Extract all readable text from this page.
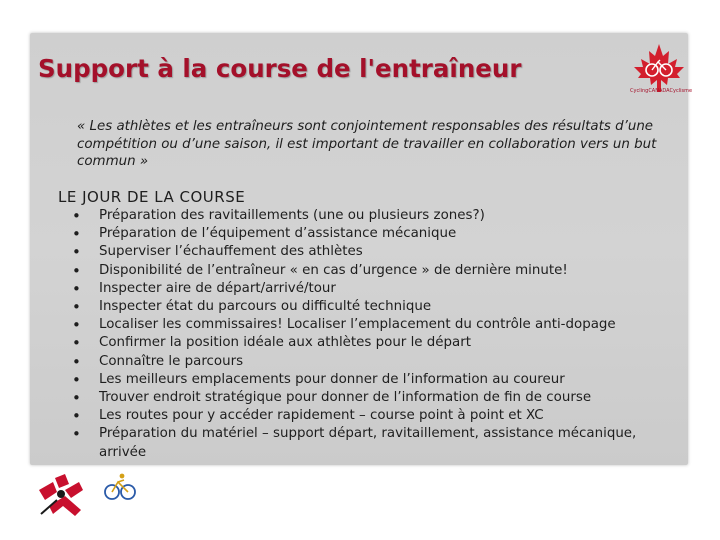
Support à la course de l'entraîneur
CyclingCANADACyclisme

« Les athlètes et les entraîneurs sont conjointement responsables des résultats d’une compétition ou d’une saison, il est important de travailler en collaboration vers un but commun »

LE JOUR DE LA COURSE
• Préparation des ravitaillements (une ou plusieurs zones?)
• Préparation de l’équipement d’assistance mécanique
• Superviser l’échauffement des athlètes
• Disponibilité de l’entraîneur « en cas d’urgence » de dernière minute!
• Inspecter aire de départ/arrivé/tour
• Inspecter état du parcours ou difficulté technique
• Localiser les commissaires! Localiser l’emplacement du contrôle anti-dopage
• Confirmer la position idéale aux athlètes pour le départ
• Connaître le parcours
• Les meilleurs emplacements pour donner de l’information au coureur
• Trouver endroit stratégique pour donner de l’information de fin de course
• Les routes pour y accéder rapidement – course point à point et XC
• Préparation du matériel – support départ, ravitaillement, assistance mécanique, arrivée
